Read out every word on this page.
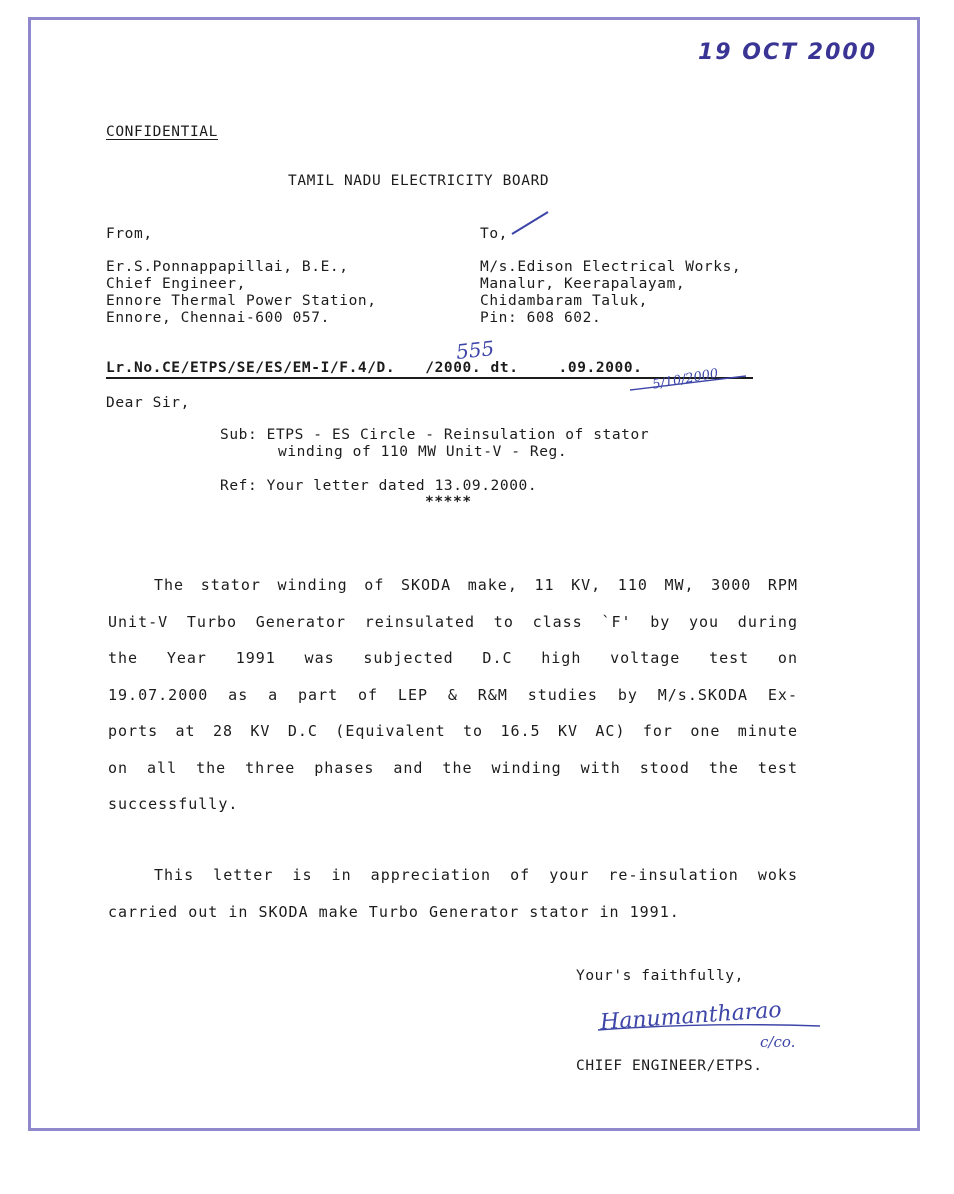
19 OCT 2000
CONFIDENTIAL
TAMIL NADU ELECTRICITY BOARD
From,	To,
Er.S.Ponnappapillai, B.E.,
Chief Engineer,
Ennore Thermal Power Station,
Ennore, Chennai-600 057.
M/s.Edison Electrical Works,
Manalur, Keerapalayam,
Chidambaram Taluk,
Pin: 608 602.
Lr.No.CE/ETPS/SE/ES/EM-I/F.4/D. /2000. dt.	.09.2000.
555
5/10/2000
Dear Sir,
Sub: ETPS - ES Circle - Reinsulation of stator
winding of 110 MW Unit-V - Reg.
Ref: Your letter dated 13.09.2000.
*****
The stator winding of SKODA make, 11 KV, 110 MW, 3000 RPM
Unit-V Turbo Generator reinsulated to class `F' by you during
the Year 1991 was subjected D.C high voltage test on
19.07.2000 as a part of LEP & R&M studies by M/s.SKODA Ex-
ports at 28 KV D.C (Equivalent to 16.5 KV AC) for one minute
on all the three phases and the winding with stood the test
successfully.
This letter is in appreciation of your re-insulation woks
carried out in SKODA make Turbo Generator stator in 1991.
Your's faithfully,
Hanumantharao
c/co.
CHIEF ENGINEER/ETPS.
